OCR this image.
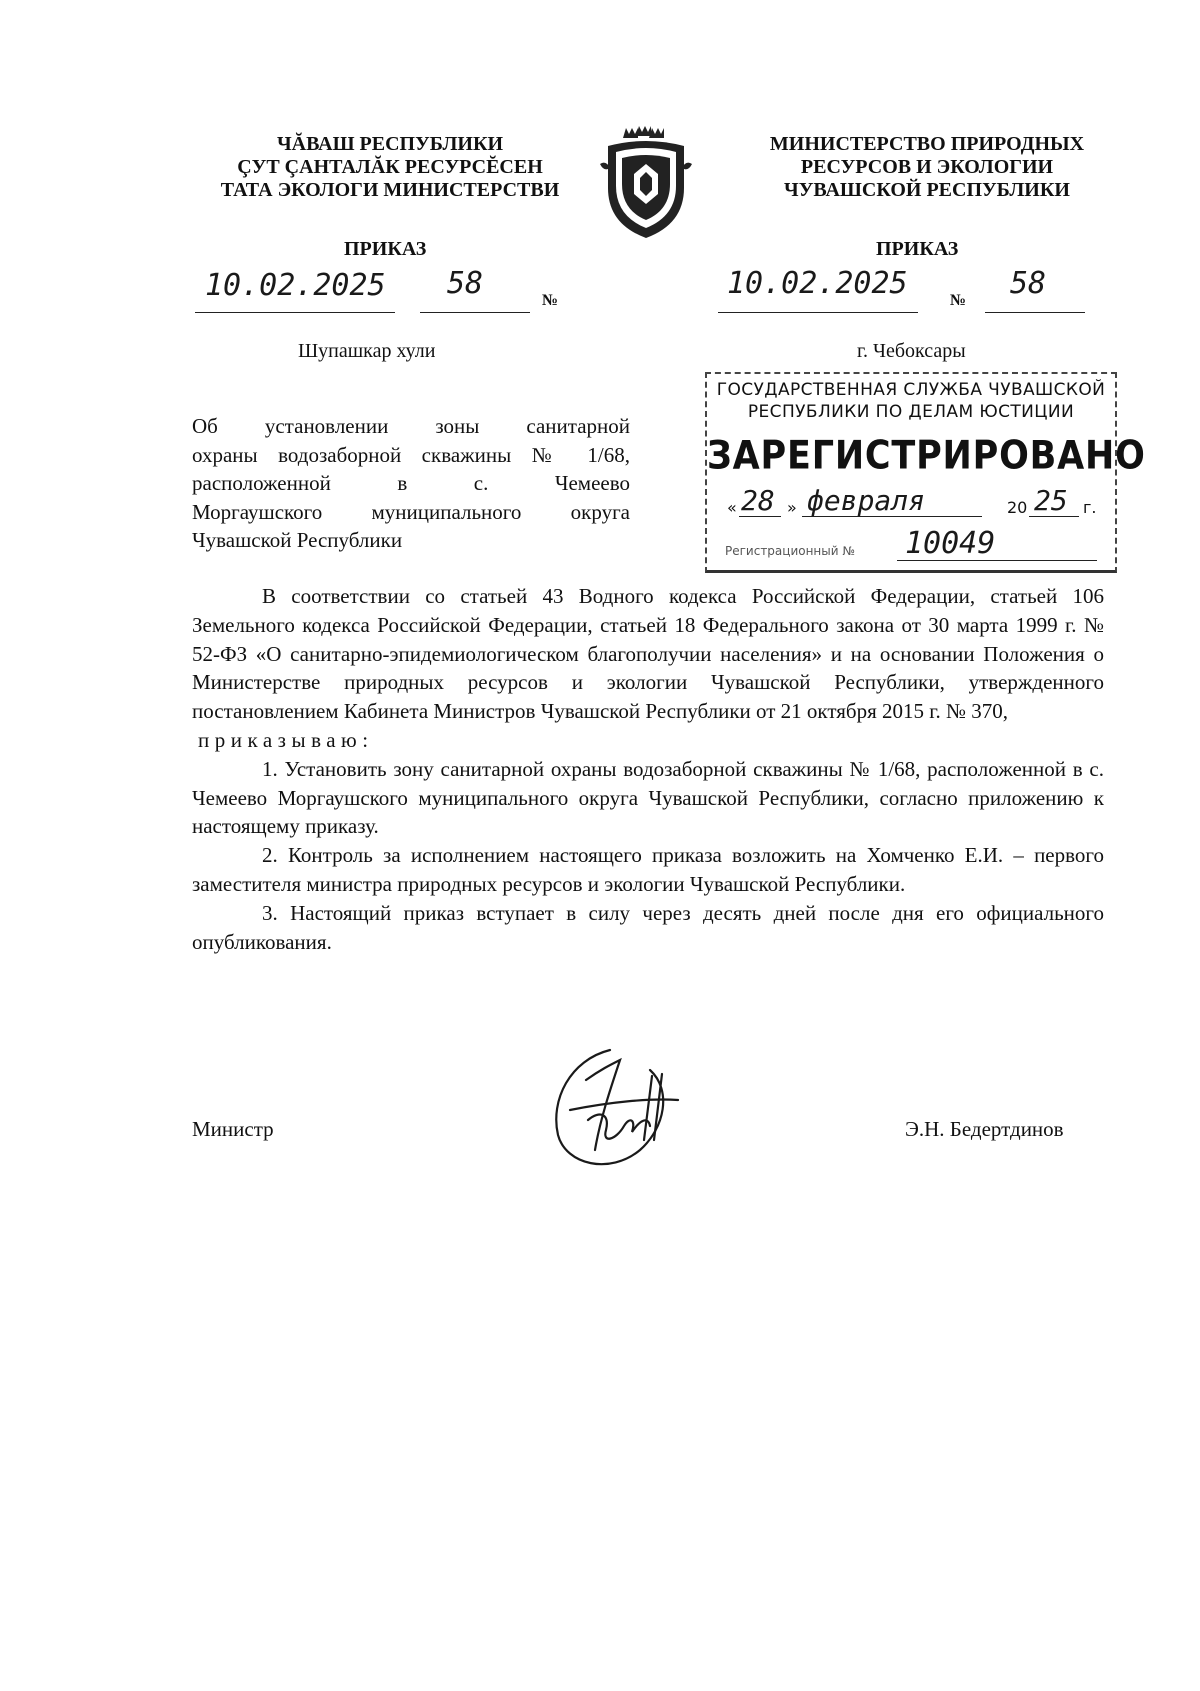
ЧĂВАШ РЕСПУБЛИКИ
ÇУТ ÇАНТАЛĂК РЕСУРСĔСЕН
ТАТА ЭКОЛОГИ МИНИСТЕРСТВИ
МИНИСТЕРСТВО ПРИРОДНЫХ
РЕСУРСОВ И ЭКОЛОГИИ
ЧУВАШСКОЙ РЕСПУБЛИКИ
ПРИКАЗ	ПРИКАЗ
10.02.2025 58	№	10.02.2025	№ 58
Шупашкар хули	г. Чебоксары

Об установлении зоны санитарной

охраны водозаборной скважины № 1/68,

расположенной в с. Чемеево

Моргаушского муниципального округа

Чувашской Республики

ГОСУДАРСТВЕННАЯ СЛУЖБА ЧУВАШСКОЙ
РЕСПУБЛИКИ ПО ДЕЛАМ ЮСТИЦИИ
ЗАРЕГИСТРИРОВАНО
« 28 » февраля	20 25 г.
Регистрационный № 10049

В соответствии со статьей 43 Водного кодекса Российской Федерации, статьей 106 Земельного кодекса Российской Федерации, статьей 18 Федерального закона от 30 марта 1999 г. № 52-ФЗ «О санитарно-эпидемиологическом благополучии населения» и на основании Положения о Министерстве природных ресурсов и экологии Чувашской Республики, утвержденного постановлением Кабинета Министров Чувашской Республики от 21 октября 2015 г. № 370,

приказываю:

1. Установить зону санитарной охраны водозаборной скважины № 1/68, расположенной в с. Чемеево Моргаушского муниципального округа Чувашской Республики, согласно приложению к настоящему приказу.

2. Контроль за исполнением настоящего приказа возложить на Хомченко Е.И. – первого заместителя министра природных ресурсов и экологии Чувашской Республики.

3. Настоящий приказ вступает в силу через десять дней после дня его официального опубликования.

Министр	Э.Н. Бедертдинов
